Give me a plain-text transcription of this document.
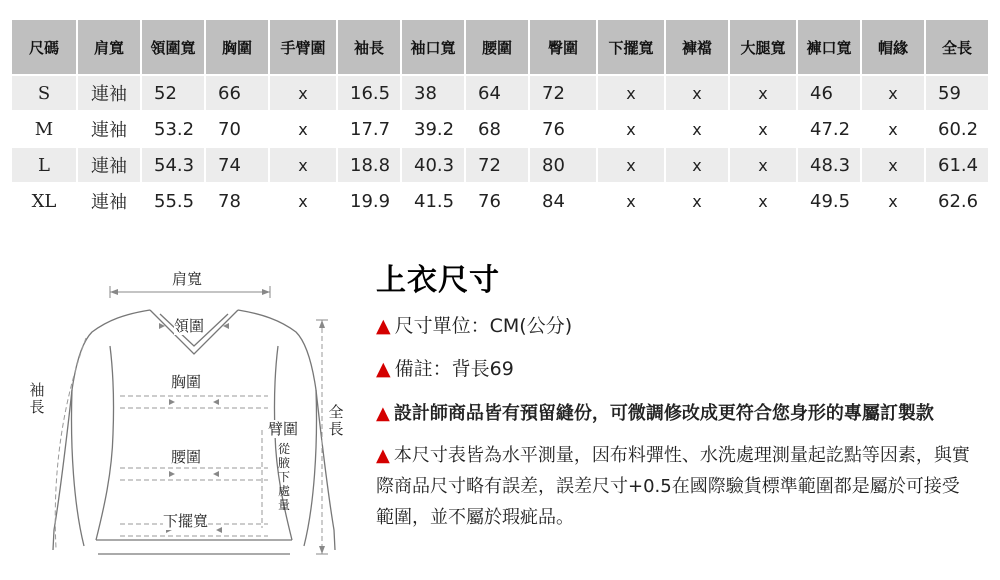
尺碼	肩寬	領圍寬	胸圍	手臂圍	袖長	袖口寬	腰圍	臀圍	下擺寬	褲襠	大腿寬	褲口寬	帽緣	全長
S	連袖	52	66	x	16.5	38	64	72	x	x	x	46	x	59
M	連袖	53.2	70	x	17.7	39.2	68	76	x	x	x	47.2	x	60.2
L	連袖	54.3	74	x	18.8	40.3	72	80	x	x	x	48.3	x	61.4
XL	連袖	55.5	78	x	19.9	41.5	76	84	x	x	x	49.5	x	62.6
肩寬
領圍
胸圍
腰圍
下擺寬
袖長
臂圍
從腋下處量
全長
上衣尺寸

▲ 尺寸單位：CM(公分)

▲ 備註：背長69

▲ 設計師商品皆有預留縫份，可微調修改成更符合您身形的專屬訂製款

▲ 本尺寸表皆為水平測量，因布料彈性、水洗處理測量起訖點等因素，與實際商品尺寸略有誤差，誤差尺寸+0.5在國際驗貨標準範圍都是屬於可接受範圍，並不屬於瑕疵品。
